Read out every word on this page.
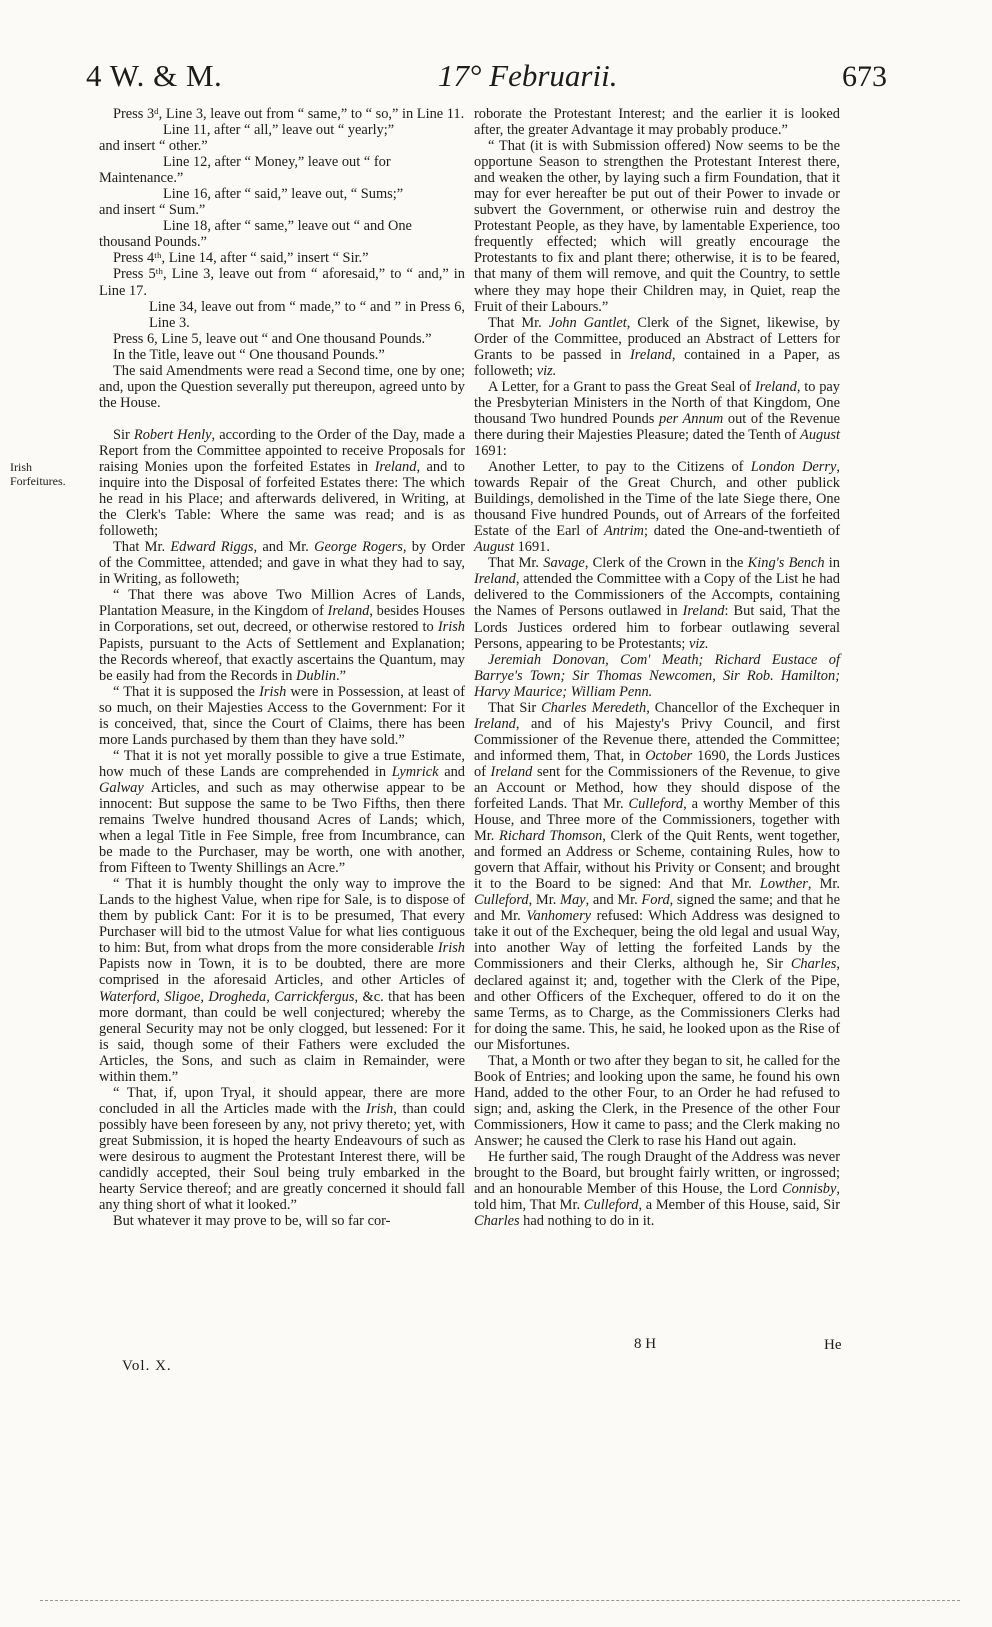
4 W. & M.	17° Februarii.	673
Irish
Forfeitures.

Press 3ᵈ, Line 3, leave out from “ same,” to “ so,” in Line 11.

Line 11, after “ all,” leave out “ yearly;”

and insert “ other.”

Line 12, after “ Money,” leave out “ for

Maintenance.”

Line 16, after “ said,” leave out, “ Sums;”

and insert “ Sum.”

Line 18, after “ same,” leave out “ and One

thousand Pounds.”

Press 4ᵗʰ, Line 14, after “ said,” insert “ Sir.”

Press 5ᵗʰ, Line 3, leave out from “ aforesaid,” to “ and,” in Line 17.

Line 34, leave out from “ made,” to “ and ” in Press 6, Line 3.

Press 6, Line 5, leave out “ and One thousand Pounds.”

In the Title, leave out “ One thousand Pounds.”

The said Amendments were read a Second time, one by one; and, upon the Question severally put thereupon, agreed unto by the House.

Sir Robert Henly, according to the Order of the Day, made a Report from the Committee appointed to receive Proposals for raising Monies upon the forfeited Estates in Ireland, and to inquire into the Disposal of forfeited Estates there: The which he read in his Place; and afterwards delivered, in Writing, at the Clerk's Table: Where the same was read; and is as followeth;

That Mr. Edward Riggs, and Mr. George Rogers, by Order of the Committee, attended; and gave in what they had to say, in Writing, as followeth;

“ That there was above Two Million Acres of Lands, Plantation Measure, in the Kingdom of Ireland, besides Houses in Corporations, set out, decreed, or otherwise restored to Irish Papists, pursuant to the Acts of Settlement and Explanation; the Records whereof, that exactly ascertains the Quantum, may be easily had from the Records in Dublin.”

“ That it is supposed the Irish were in Possession, at least of so much, on their Majesties Access to the Government: For it is conceived, that, since the Court of Claims, there has been more Lands purchased by them than they have sold.”

“ That it is not yet morally possible to give a true Estimate, how much of these Lands are comprehended in Lymrick and Galway Articles, and such as may otherwise appear to be innocent: But suppose the same to be Two Fifths, then there remains Twelve hundred thousand Acres of Lands; which, when a legal Title in Fee Simple, free from Incumbrance, can be made to the Purchaser, may be worth, one with another, from Fifteen to Twenty Shillings an Acre.”

“ That it is humbly thought the only way to improve the Lands to the highest Value, when ripe for Sale, is to dispose of them by publick Cant: For it is to be presumed, That every Purchaser will bid to the utmost Value for what lies contiguous to him: But, from what drops from the more considerable Irish Papists now in Town, it is to be doubted, there are more comprised in the aforesaid Articles, and other Articles of Waterford, Sligoe, Drogheda, Carrickfergus, &c. that has been more dormant, than could be well conjectured; whereby the general Security may not be only clogged, but lessened: For it is said, though some of their Fathers were excluded the Articles, the Sons, and such as claim in Remainder, were within them.”

“ That, if, upon Tryal, it should appear, there are more concluded in all the Articles made with the Irish, than could possibly have been foreseen by any, not privy thereto; yet, with great Submission, it is hoped the hearty Endeavours of such as were desirous to augment the Protestant Interest there, will be candidly accepted, their Soul being truly embarked in the hearty Service thereof; and are greatly concerned it should fall any thing short of what it looked.”

But whatever it may prove to be, will so far cor-

roborate the Protestant Interest; and the earlier it is looked after, the greater Advantage it may probably produce.”

“ That (it is with Submission offered) Now seems to be the opportune Season to strengthen the Protestant Interest there, and weaken the other, by laying such a firm Foundation, that it may for ever hereafter be put out of their Power to invade or subvert the Government, or otherwise ruin and destroy the Protestant People, as they have, by lamentable Experience, too frequently effected; which will greatly encourage the Protestants to fix and plant there; otherwise, it is to be feared, that many of them will remove, and quit the Country, to settle where they may hope their Children may, in Quiet, reap the Fruit of their Labours.”

That Mr. John Gantlet, Clerk of the Signet, likewise, by Order of the Committee, produced an Abstract of Letters for Grants to be passed in Ireland, contained in a Paper, as followeth; viz.

A Letter, for a Grant to pass the Great Seal of Ireland, to pay the Presbyterian Ministers in the North of that Kingdom, One thousand Two hundred Pounds per Annum out of the Revenue there during their Majesties Pleasure; dated the Tenth of August 1691:

Another Letter, to pay to the Citizens of London Derry, towards Repair of the Great Church, and other publick Buildings, demolished in the Time of the late Siege there, One thousand Five hundred Pounds, out of Arrears of the forfeited Estate of the Earl of Antrim; dated the One-and-twentieth of August 1691.

That Mr. Savage, Clerk of the Crown in the King's Bench in Ireland, attended the Committee with a Copy of the List he had delivered to the Commissioners of the Accompts, containing the Names of Persons outlawed in Ireland: But said, That the Lords Justices ordered him to forbear outlawing several Persons, appearing to be Protestants; viz.

Jeremiah Donovan, Com' Meath; Richard Eustace of Barrye's Town; Sir Thomas Newcomen, Sir Rob. Hamilton; Harvy Maurice; William Penn.

That Sir Charles Meredeth, Chancellor of the Exchequer in Ireland, and of his Majesty's Privy Council, and first Commissioner of the Revenue there, attended the Committee; and informed them, That, in October 1690, the Lords Justices of Ireland sent for the Commissioners of the Revenue, to give an Account or Method, how they should dispose of the forfeited Lands. That Mr. Culleford, a worthy Member of this House, and Three more of the Commissioners, together with Mr. Richard Thomson, Clerk of the Quit Rents, went together, and formed an Address or Scheme, containing Rules, how to govern that Affair, without his Privity or Consent; and brought it to the Board to be signed: And that Mr. Lowther, Mr. Culleford, Mr. May, and Mr. Ford, signed the same; and that he and Mr. Vanhomery refused: Which Address was designed to take it out of the Exchequer, being the old legal and usual Way, into another Way of letting the forfeited Lands by the Commissioners and their Clerks, although he, Sir Charles, declared against it; and, together with the Clerk of the Pipe, and other Officers of the Exchequer, offered to do it on the same Terms, as to Charge, as the Commissioners Clerks had for doing the same. This, he said, he looked upon as the Rise of our Misfortunes.

That, a Month or two after they began to sit, he called for the Book of Entries; and looking upon the same, he found his own Hand, added to the other Four, to an Order he had refused to sign; and, asking the Clerk, in the Presence of the other Four Commissioners, How it came to pass; and the Clerk making no Answer; he caused the Clerk to rase his Hand out again.

He further said, The rough Draught of the Address was never brought to the Board, but brought fairly written, or ingrossed; and an honourable Member of this House, the Lord Connisby, told him, That Mr. Culleford, a Member of this House, said, Sir Charles had nothing to do in it.

Vol. X.
8 H	He
